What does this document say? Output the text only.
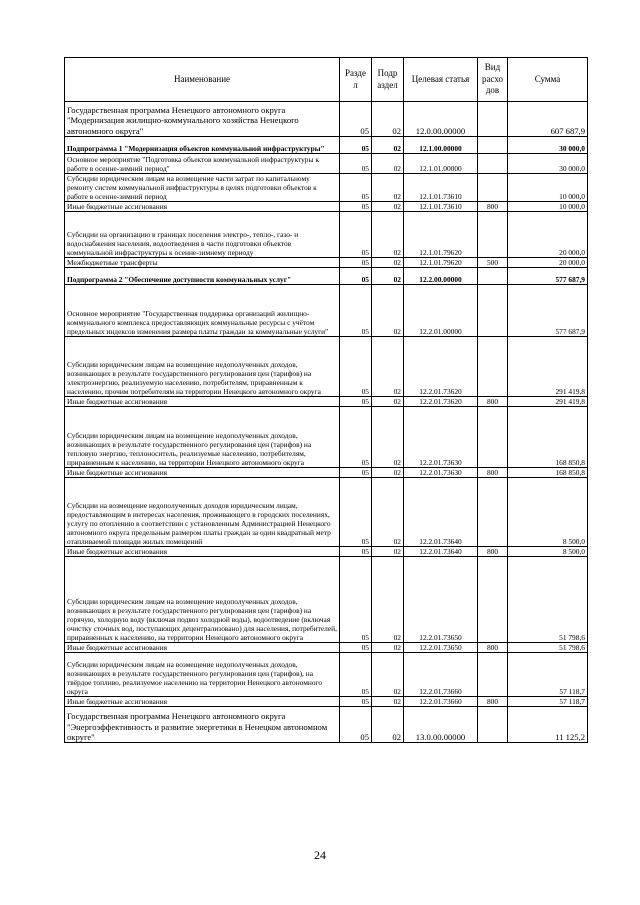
Наименование	Разде л	Подр аздел	Целевая статья	Вид расхо дов	Сумма
Государственная программа Ненецкого автономного округа "Модернизация жилищно-коммунального хозяйства Ненецкого автономного округа"	05	02	12.0.00.00000		607 687,9
Подпрограмма 1 "Модернизация объектов коммунальной инфраструктуры"	05	02	12.1.00.00000		30 000,0
Основное мероприятие "Подготовка объектов коммунальной инфраструктуры к работе в осенне-зимний период"	05	02	12.1.01.00000		30 000,0
Субсидии юридическим лицам на возмещение части затрат по капитальному ремонту систем коммунальной инфраструктуры в целях подготовки объектов к работе в осенне-зимний период	05	02	12.1.01.73610		10 000,0
Иные бюджетные ассигнования	05	02	12.1.01.73610	800	10 000,0
Субсидии на организацию в границах поселения электро-, тепло-, газо- и водоснабжения населения, водоотведения в части подготовки объектов коммунальной инфраструктуры к осенне-зимнему периоду	05	02	12.1.01.79620		20 000,0
Межбюджетные трансферты	05	02	12.1.01.79620	500	20 000,0
Подпрограмма 2 "Обеспечение доступности коммунальных услуг"	05	02	12.2.00.00000		577 687,9
Основное мероприятие "Государственная поддержка организаций жилищно-коммунального комплекса предоставляющих коммунальные ресурсы с учётом предельных индексов изменения размера платы граждан за коммунальные услуги"	05	02	12.2.01.00000		577 687,9
Субсидии юридическим лицам на возмещение недополученных доходов, возникающих в результате государственного регулирования цен (тарифов) на электроэнергию, реализуемую населению, потребителям, приравненным к населению, прочим потребителям на территории Ненецкого автономного округа	05	02	12.2.01.73620		291 419,8
Иные бюджетные ассигнования	05	02	12.2.01.73620	800	291 419,8
Субсидии юридическим лицам на возмещение недополученных доходов, возникающих в результате государственного регулирования цен (тарифов) на тепловую энергию, теплоноситель, реализуемые населению, потребителям, приравненным к населению, на территории Ненецкого автономного округа	05	02	12.2.01.73630		168 850,8
Иные бюджетные ассигнования	05	02	12.2.01.73630	800	168 850,8
Субсидии на возмещение недополученных доходов юридическим лицам, предоставляющим в интересах населения, проживающего в городских поселениях, услугу по отоплению в соответствии с установленным Администрацией Ненецкого автономного округа предельным размером платы граждан за один квадратный метр отапливаемой площади жилых помещений	05	02	12.2.01.73640		8 500,0
Иные бюджетные ассигнования	05	02	12.2.01.73640	800	8 500,0
Субсидии юридическим лицам на возмещение недополученных доходов, возникающих в результате государственного регулирования цен (тарифов) на горячую, холодную воду (включая подвоз холодной воды), водоотведение (включая очистку сточных вод, поступающих децентрализовано) для населения, потребителей, приравненных к населению, на территории Ненецкого автономного округа	05	02	12.2.01.73650		51 798,6
Иные бюджетные ассигнования	05	02	12.2.01.73650	800	51 798,6
Субсидии юридическим лицам на возмещение недополученных доходов, возникающих в результате государственного регулирования цен (тарифов), на твёрдое топливо, реализуемое населению на территории Ненецкого автономного округа	05	02	12.2.01.73660		57 118,7
Иные бюджетные ассигнования	05	02	12.2.01.73660	800	57 118,7
Государственная программа Ненецкого автономного округа "Энергоэффективность и развитие энергетики в Ненецком автономном округе"	05	02	13.0.00.00000		11 125,2
24
